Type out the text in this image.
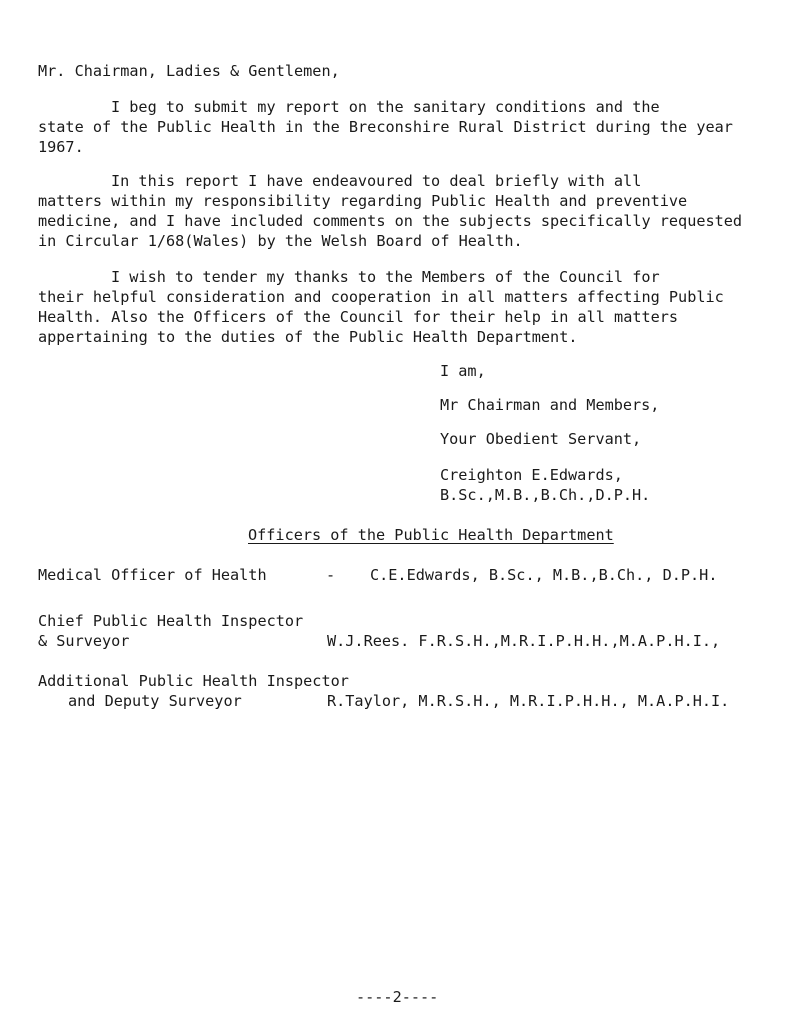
Mr. Chairman, Ladies & Gentlemen,
I beg to submit my report on the sanitary conditions and the
state of the Public Health in the Breconshire Rural District during the year
1967.
In this report I have endeavoured to deal briefly with all
matters within my responsibility regarding Public Health and preventive
medicine, and I have included comments on the subjects specifically requested
in Circular 1/68(Wales) by the Welsh Board of Health.
I wish to tender my thanks to the Members of the Council for
their helpful consideration and cooperation in all matters affecting Public
Health. Also the Officers of the Council for their help in all matters
appertaining to the duties of the Public Health Department.
I am,
Mr Chairman and Members,
Your Obedient Servant,
Creighton E.Edwards,
B.Sc.,M.B.,B.Ch.,D.P.H.
Officers of the Public Health Department
Medical Officer of Health	- C.E.Edwards, B.Sc., M.B.,B.Ch., D.P.H.
Chief Public Health Inspector
& Surveyor	W.J.Rees. F.R.S.H.,M.R.I.P.H.H.,M.A.P.H.I.,
Additional Public Health Inspector
and Deputy Surveyor	R.Taylor, M.R.S.H., M.R.I.P.H.H., M.A.P.H.I.
----2----
